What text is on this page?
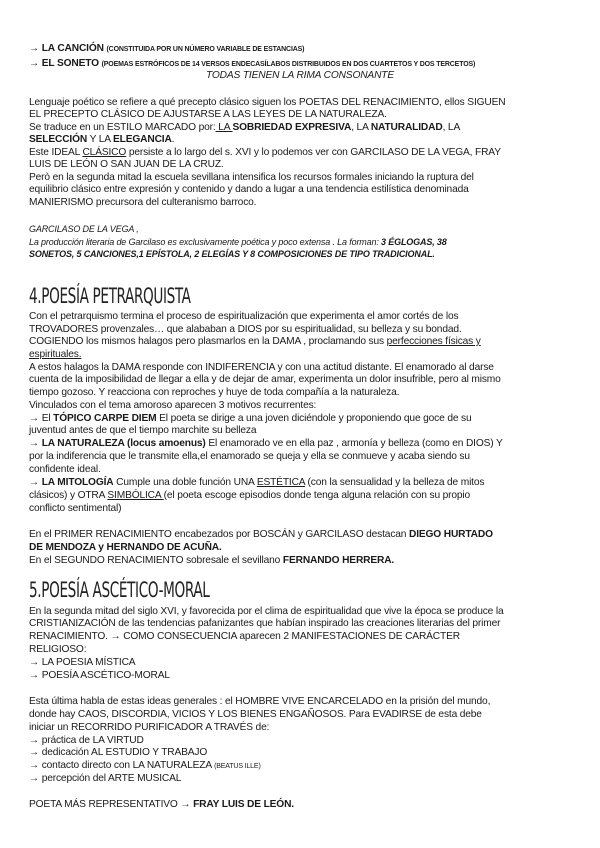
→ LA CANCIÓN (CONSTITUIDA POR UN NÚMERO VARIABLE DE ESTANCIAS)
→ EL SONETO (POEMAS ESTRÓFICOS DE 14 VERSOS ENDECASÍLABOS DISTRIBUIDOS EN DOS CUARTETOS Y DOS TERCETOS)
TODAS TIENEN LA RIMA CONSONANTE
Lenguaje poético se refiere a qué precepto clásico siguen los POETAS DEL RENACIMIENTO, ellos SIGUEN
EL PRECEPTO CLÁSICO DE AJUSTARSE A LAS LEYES DE LA NATURALEZA.
Se traduce en un ESTILO MARCADO por: LA SOBRIEDAD EXPRESIVA, LA NATURALIDAD, LA
SELECCIÓN Y LA ELEGANCIA.
Este IDEAL CLÁSICO persiste a lo largo del s. XVI y lo podemos ver con GARCILASO DE LA VEGA, FRAY
LUIS DE LEÓN O SAN JUAN DE LA CRUZ.
Però en la segunda mitad la escuela sevillana intensifica los recursos formales iniciando la ruptura del
equilibrio clásico entre expresión y contenido y dando a lugar a una tendencia estilística denominada
MANIERISMO precursora del culteranismo barroco.
GARCILASO DE LA VEGA ,
La producción literaria de Garcilaso es exclusivamente poética y poco extensa . La forman: 3 ÉGLOGAS, 38
SONETOS, 5 CANCIONES,1 EPÍSTOLA, 2 ELEGÍAS Y 8 COMPOSICIONES DE TIPO TRADICIONAL.
4.POESÍA PETRARQUISTA
Con el petrarquismo termina el proceso de espiritualización que experimenta el amor cortés de los
TROVADORES provenzales… que alababan a DIOS por su espiritualidad, su belleza y su bondad.
COGIENDO los mismos halagos pero plasmarlos en la DAMA , proclamando sus perfecciones físicas y
espirituales.
A estos halagos la DAMA responde con INDIFERENCIA y con una actitud distante. El enamorado al darse
cuenta de la imposibilidad de llegar a ella y de dejar de amar, experimenta un dolor insufrible, pero al mismo
tiempo gozoso. Y reacciona con reproches y huye de toda compañía a la naturaleza.
Vinculados con el tema amoroso aparecen 3 motivos recurrentes:
→ El TÓPICO CARPE DIEM El poeta se dirige a una joven diciéndole y proponiendo que goce de su
juventud antes de que el tiempo marchite su belleza
→ LA NATURALEZA (locus amoenus) El enamorado ve en ella paz , armonía y belleza (como en DIOS) Y
por la indiferencia que le transmite ella,el enamorado se queja y ella se conmueve y acaba siendo su
confidente ideal.
→ LA MITOLOGÍA Cumple una doble función UNA ESTÉTICA (con la sensualidad y la belleza de mitos
clásicos) y OTRA SIMBÓLICA (el poeta escoge episodios donde tenga alguna relación con su propio
conflicto sentimental)
En el PRIMER RENACIMIENTO encabezados por BOSCÁN y GARCILASO destacan DIEGO HURTADO
DE MENDOZA y HERNANDO DE ACUÑA.
En el SEGUNDO RENACIMIENTO sobresale el sevillano FERNANDO HERRERA.
5.POESÍA ASCÉTICO-MORAL
En la segunda mitad del siglo XVI, y favorecida por el clima de espiritualidad que vive la época se produce la
CRISTIANIZACIÓN de las tendencias pafanizantes que habían inspirado las creaciones literarias del primer
RENACIMIENTO. → COMO CONSECUENCIA aparecen 2 MANIFESTACIONES DE CARÁCTER
RELIGIOSO:
→ LA POESIA MÍSTICA
→ POESÍA ASCÉTICO-MORAL
Esta última habla de estas ideas generales : el HOMBRE VIVE ENCARCELADO en la prisión del mundo,
donde hay CAOS, DISCORDIA, VICIOS Y LOS BIENES ENGAÑOSOS. Para EVADIRSE de esta debe
iniciar un RECORRIDO PURIFICADOR A TRAVÉS de:
→ práctica de LA VIRTUD
→ dedicación AL ESTUDIO Y TRABAJO
→ contacto directo con LA NATURALEZA (BEATUS ILLE)
→ percepción del ARTE MUSICAL
POETA MÁS REPRESENTATIVO → FRAY LUIS DE LEÓN.
